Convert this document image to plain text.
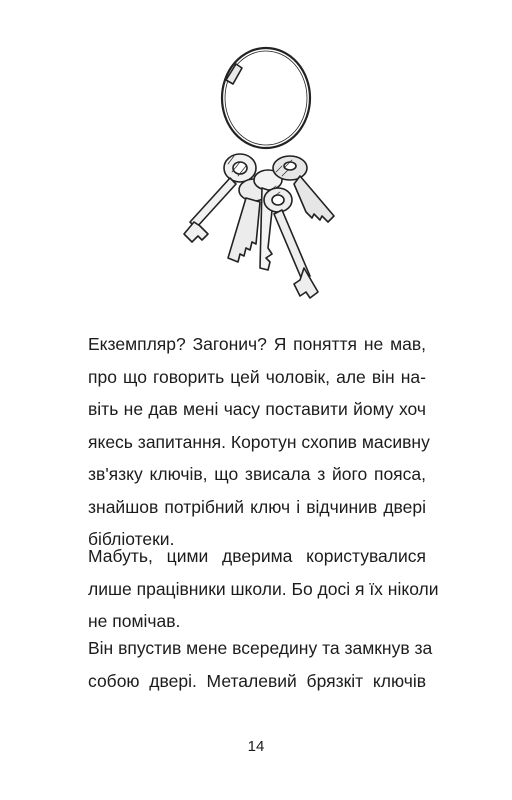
Екземпляр? Загонич? Я поняття не мав,
про що говорить цей чоловік, але він на-
віть не дав мені часу поставити йому хоч
якесь запитання. Коротун схопив масивну
зв'язку ключів, що звисала з його пояса,
знайшов потрібний ключ і відчинив двері
бібліотеки.
Мабуть, цими дверима користувалися
лише працівники школи. Бо досі я їх ніколи
не помічав.
Він впустив мене всередину та замкнув за
собою двері. Металевий брязкіт ключів
14
